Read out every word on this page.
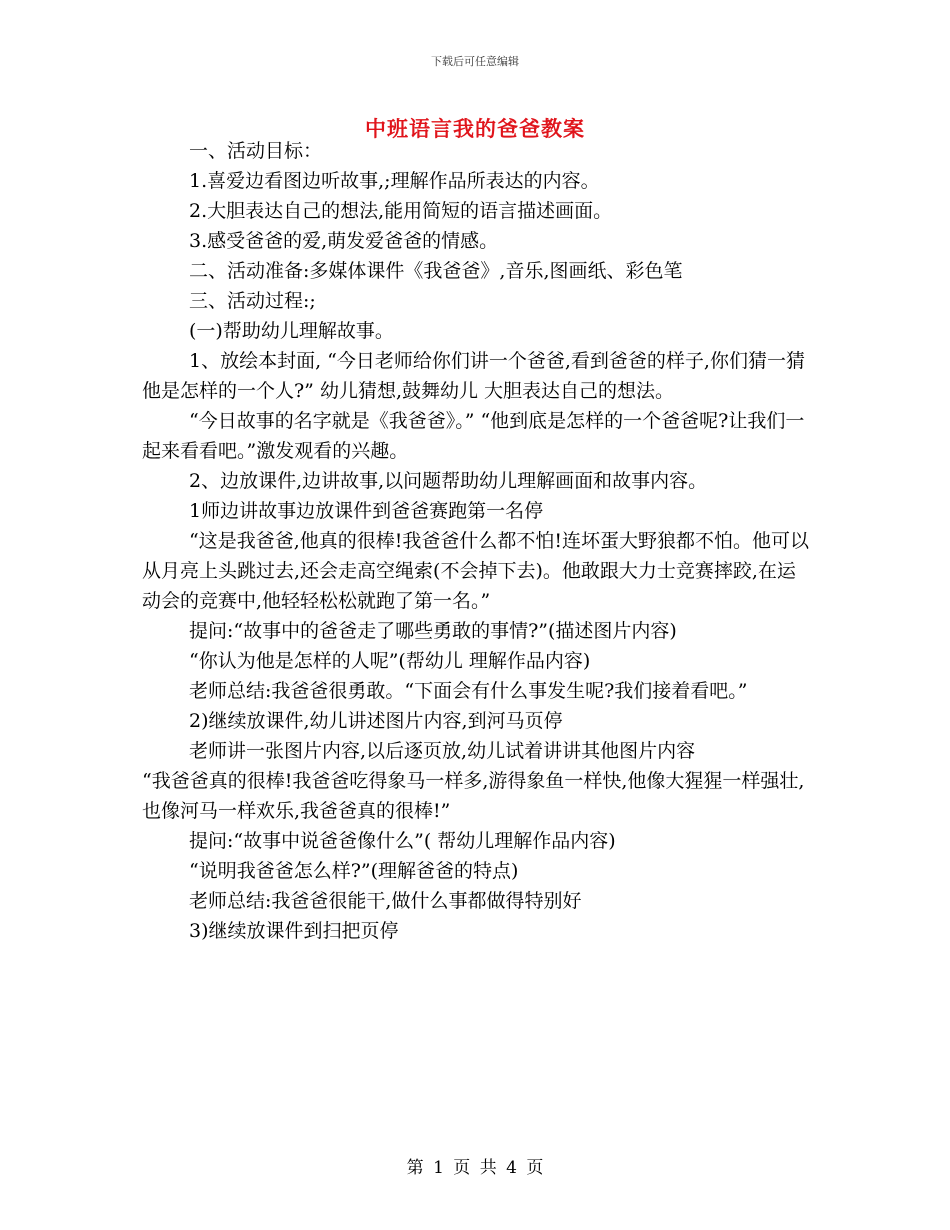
下载后可任意编辑
中班语言我的爸爸教案

一、活动目标：

1.喜爱边看图边听故事,;理解作品所表达的内容。

2.大胆表达自己的想法,能用简短的语言描述画面。

3.感受爸爸的爱,萌发爱爸爸的情感。

二、活动准备:多媒体课件《我爸爸》,音乐,图画纸、彩色笔

三、活动过程:;

(一)帮助幼儿理解故事。

1、放绘本封面, “今日老师给你们讲一个爸爸,看到爸爸的样子,你们猜一猜他是怎样的一个人?” 幼儿猜想,鼓舞幼儿 大胆表达自己的想法。

“今日故事的名字就是《我爸爸》。” “他到底是怎样的一个爸爸呢?让我们一起来看看吧。”激发观看的兴趣。

2、边放课件,边讲故事,以问题帮助幼儿理解画面和故事内容。

1师边讲故事边放课件到爸爸赛跑第一名停

“这是我爸爸,他真的很棒!我爸爸什么都不怕!连坏蛋大野狼都不怕。他可以从月亮上头跳过去,还会走高空绳索(不会掉下去)。他敢跟大力士竞赛摔跤,在运动会的竞赛中,他轻轻松松就跑了第一名。”

提问:“故事中的爸爸走了哪些勇敢的事情?”(描述图片内容)

“你认为他是怎样的人呢”(帮幼儿 理解作品内容)

老师总结:我爸爸很勇敢。“下面会有什么事发生呢?我们接着看吧。”

2)继续放课件,幼儿讲述图片内容,到河马页停

老师讲一张图片内容,以后逐页放,幼儿试着讲讲其他图片内容

“我爸爸真的很棒!我爸爸吃得象马一样多,游得象鱼一样快,他像大猩猩一样强壮,也像河马一样欢乐,我爸爸真的很棒!”

提问:“故事中说爸爸像什么”( 帮幼儿理解作品内容)

“说明我爸爸怎么样?”(理解爸爸的特点)

老师总结:我爸爸很能干,做什么事都做得特别好

3)继续放课件到扫把页停

第 1 页 共 4 页
